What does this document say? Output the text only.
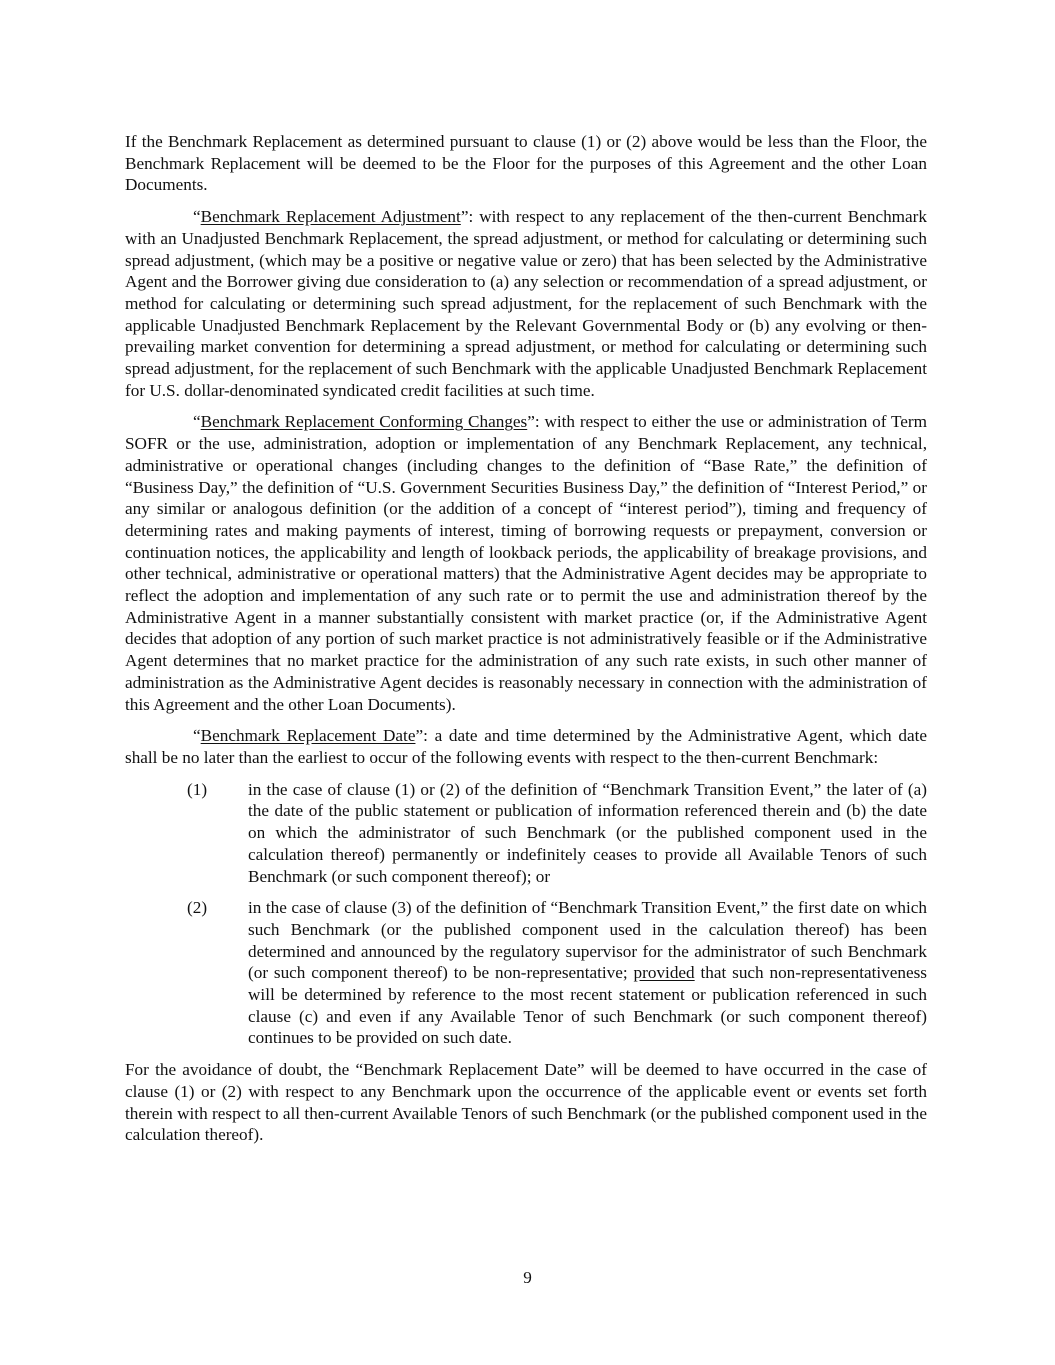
If the Benchmark Replacement as determined pursuant to clause (1) or (2) above would be less than the Floor, the Benchmark Replacement will be deemed to be the Floor for the purposes of this Agreement and the other Loan Documents.

“Benchmark Replacement Adjustment”: with respect to any replacement of the then-current Benchmark with an Unadjusted Benchmark Replacement, the spread adjustment, or method for calculating or determining such spread adjustment, (which may be a positive or negative value or zero) that has been selected by the Administrative Agent and the Borrower giving due consideration to (a) any selection or recommendation of a spread adjustment, or method for calculating or determining such spread adjustment, for the replacement of such Benchmark with the applicable Unadjusted Benchmark Replacement by the Relevant Governmental Body or (b) any evolving or then-prevailing market convention for determining a spread adjustment, or method for calculating or determining such spread adjustment, for the replacement of such Benchmark with the applicable Unadjusted Benchmark Replacement for U.S. dollar-denominated syndicated credit facilities at such time.

“Benchmark Replacement Conforming Changes”: with respect to either the use or administration of Term SOFR or the use, administration, adoption or implementation of any Benchmark Replacement, any technical, administrative or operational changes (including changes to the definition of “Base Rate,” the definition of “Business Day,” the definition of “U.S. Government Securities Business Day,” the definition of “Interest Period,” or any similar or analogous definition (or the addition of a concept of “interest period”), timing and frequency of determining rates and making payments of interest, timing of borrowing requests or prepayment, conversion or continuation notices, the applicability and length of lookback periods, the applicability of breakage provisions, and other technical, administrative or operational matters) that the Administrative Agent decides may be appropriate to reflect the adoption and implementation of any such rate or to permit the use and administration thereof by the Administrative Agent in a manner substantially consistent with market practice (or, if the Administrative Agent decides that adoption of any portion of such market practice is not administratively feasible or if the Administrative Agent determines that no market practice for the administration of any such rate exists, in such other manner of administration as the Administrative Agent decides is reasonably necessary in connection with the administration of this Agreement and the other Loan Documents).

“Benchmark Replacement Date”: a date and time determined by the Administrative Agent, which date shall be no later than the earliest to occur of the following events with respect to the then-current Benchmark:

(1)	in the case of clause (1) or (2) of the definition of “Benchmark Transition Event,” the later of (a) the date of the public statement or publication of information referenced therein and (b) the date on which the administrator of such Benchmark (or the published component used in the calculation thereof) permanently or indefinitely ceases to provide all Available Tenors of such Benchmark (or such component thereof); or
(2)	in the case of clause (3) of the definition of “Benchmark Transition Event,” the first date on which such Benchmark (or the published component used in the calculation thereof) has been determined and announced by the regulatory supervisor for the administrator of such Benchmark (or such component thereof) to be non-representative; provided that such non-representativeness will be determined by reference to the most recent statement or publication referenced in such clause (c) and even if any Available Tenor of such Benchmark (or such component thereof) continues to be provided on such date.

For the avoidance of doubt, the “Benchmark Replacement Date” will be deemed to have occurred in the case of clause (1) or (2) with respect to any Benchmark upon the occurrence of the applicable event or events set forth therein with respect to all then-current Available Tenors of such Benchmark (or the published component used in the calculation thereof).

9
